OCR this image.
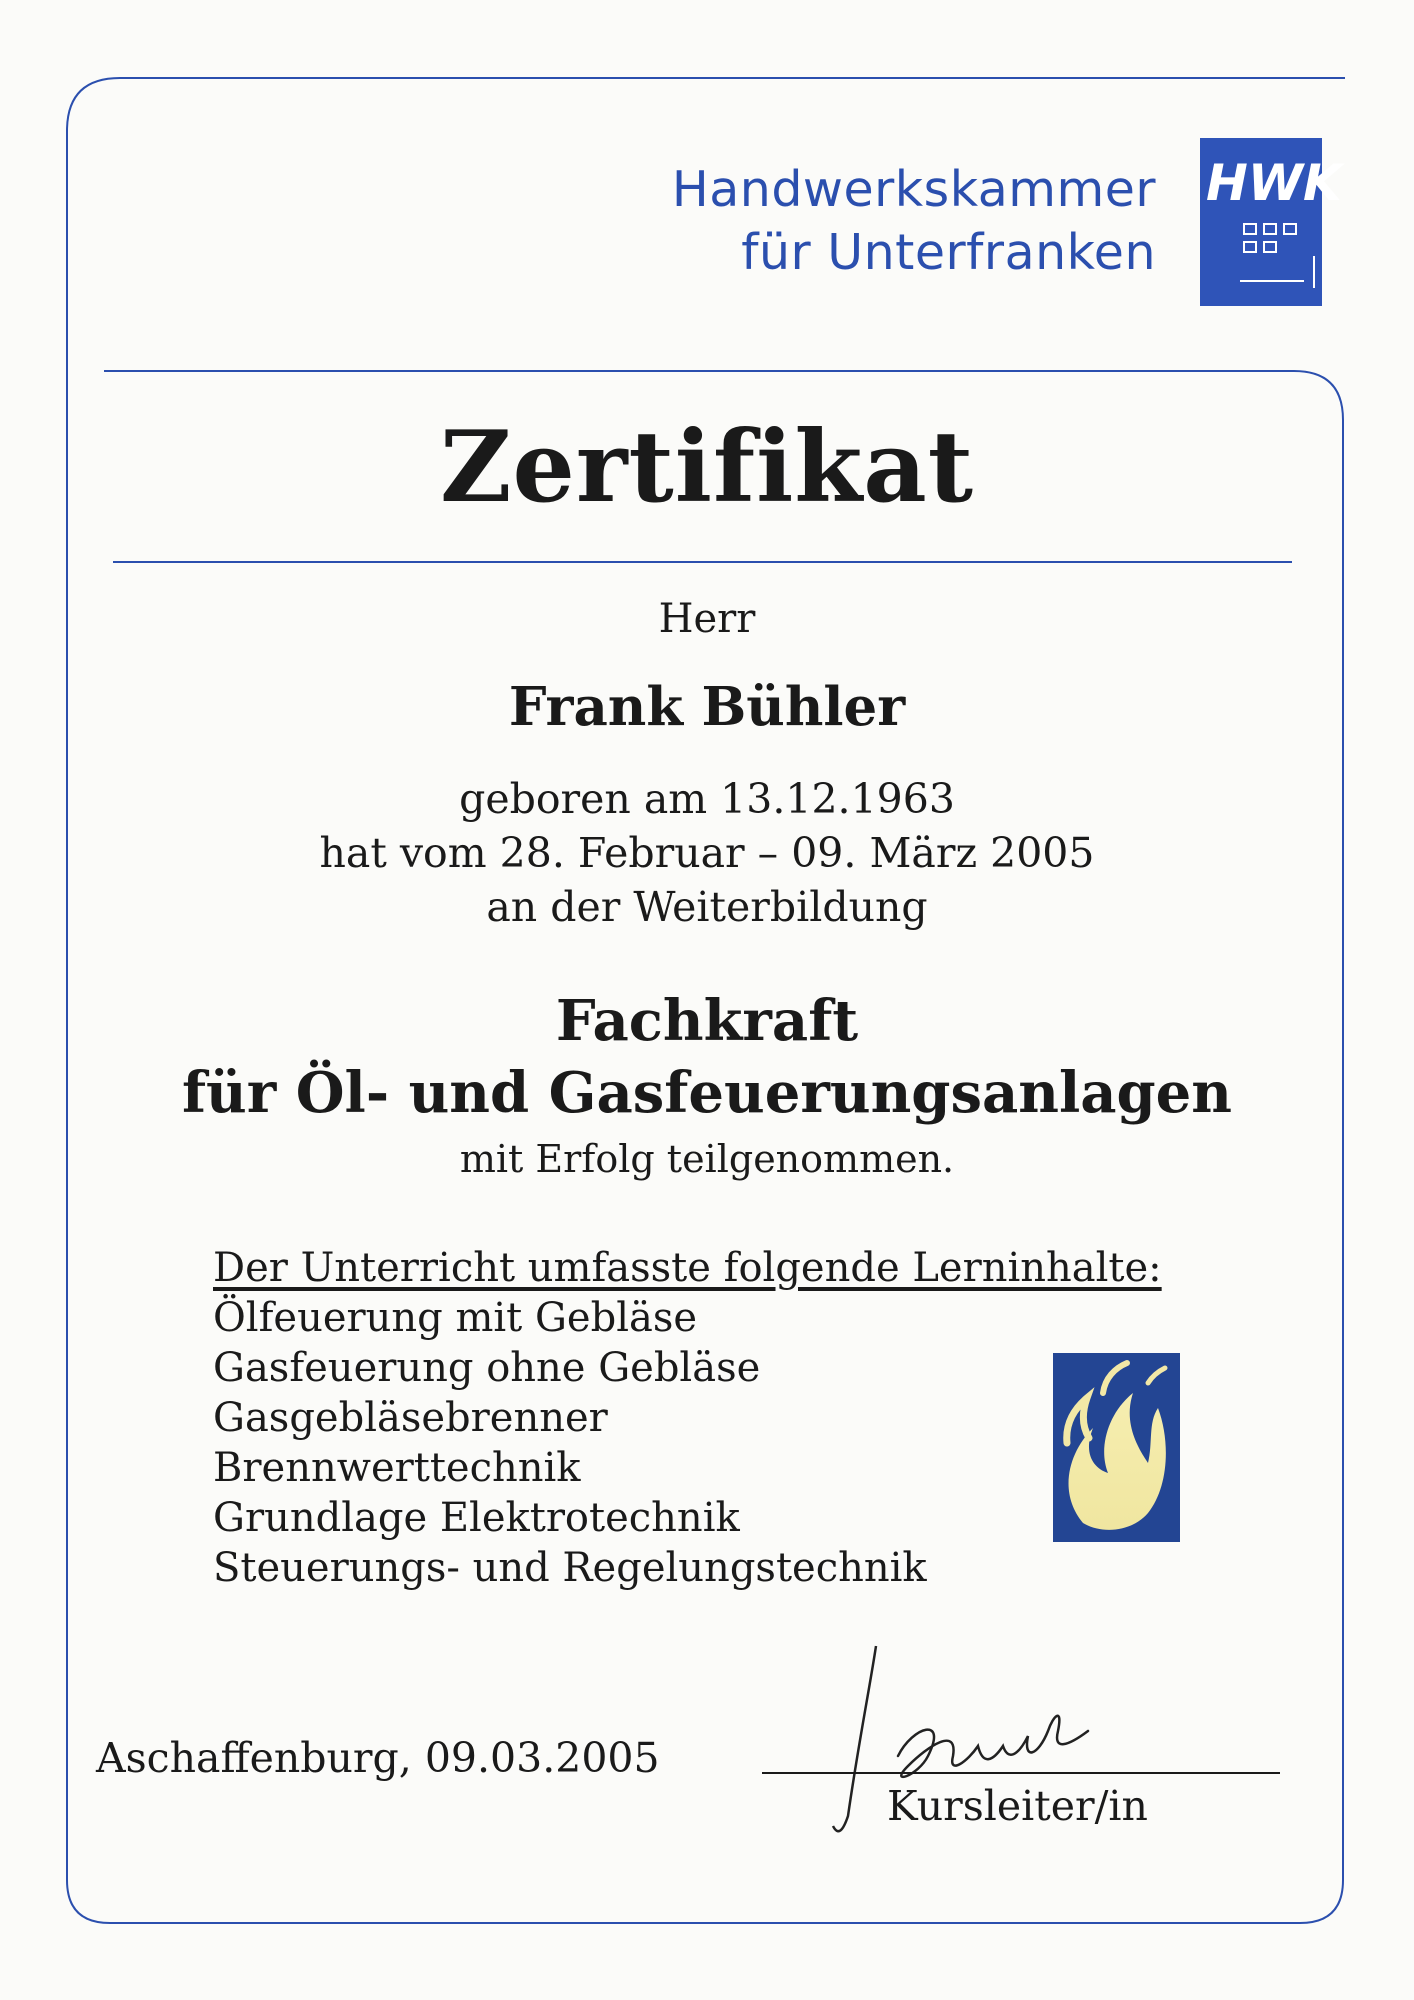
Handwerkskammer
für Unterfranken
HWK
Zertifikat
Herr
Frank Bühler
geboren am 13.12.1963
hat vom 28. Februar – 09. März 2005
an der Weiterbildung
Fachkraft
für Öl- und Gasfeuerungsanlagen
mit Erfolg teilgenommen.
Der Unterricht umfasste folgende Lerninhalte:
Ölfeuerung mit Gebläse
Gasfeuerung ohne Gebläse
Gasgebläsebrenner
Brennwerttechnik
Grundlage Elektrotechnik
Steuerungs- und Regelungstechnik
Aschaffenburg, 09.03.2005
Kursleiter/in
